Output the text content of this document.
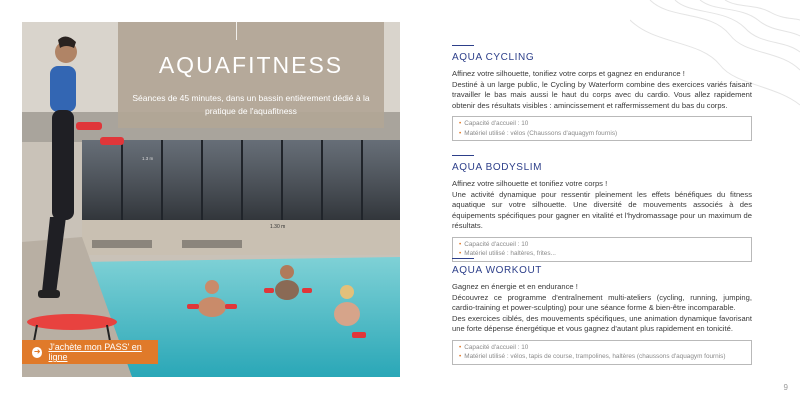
1.30 m
1.3 m
AQUAFITNESS
Séances de 45 minutes, dans un bassin entièrement dédié à la pratique de l'aquafitness
➜ J'achète mon PASS' en ligne
AQUA CYCLING
Affinez votre silhouette, tonifiez votre corps et gagnez en endurance !
Destiné à un large public, le Cycling by Waterform combine des exercices variés faisant travailler le bas mais aussi le haut du corps avec du cardio. Vous allez rapidement obtenir des résultats visibles : amincissement et raffermissement du bas du corps.
• Capacité d'accueil : 10
• Matériel utilisé : vélos (Chaussons d'aquagym fournis)
AQUA BODYSLIM
Affinez votre silhouette et tonifiez votre corps !
Une activité dynamique pour ressentir pleinement les effets bénéfiques du fitness aquatique sur votre silhouette. Une diversité de mouvements associés à des équipements spécifiques pour gagner en vitalité et l'hydromassage pour un maximum de résultats.
• Capacité d'accueil : 10
• Matériel utilisé : haltères, frites...
AQUA WORKOUT
Gagnez en énergie et en endurance !
Découvrez ce programme d'entraînement multi-ateliers (cycling, running, jumping, cardio-training et power-sculpting) pour une séance forme & bien-être incomparable.
Des exercices ciblés, des mouvements spécifiques, une animation dynamique favorisant une forte dépense énergétique et vous gagnez d'autant plus rapidement en tonicité.
• Capacité d'accueil : 10
• Matériel utilisé : vélos, tapis de course, trampolines, haltères (chaussons d'aquagym fournis)
9
